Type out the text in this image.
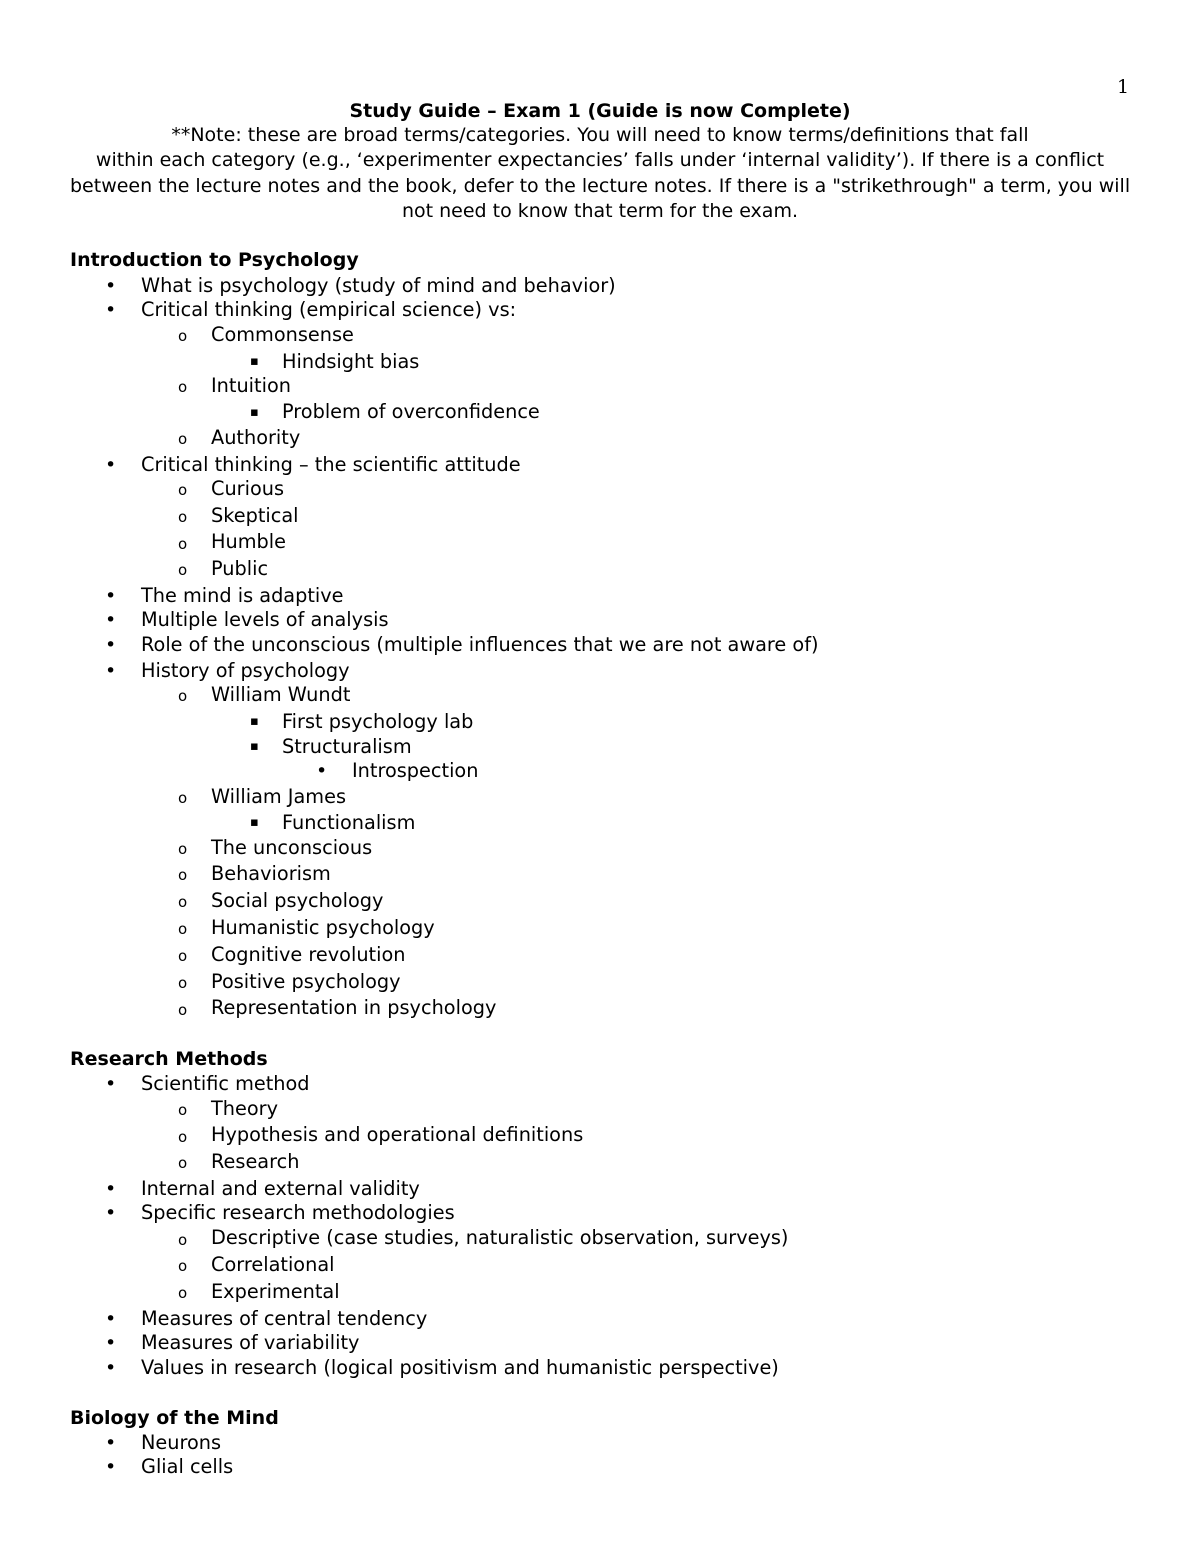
1
Study Guide – Exam 1 (Guide is now Complete)
**Note: these are broad terms/categories. You will need to know terms/definitions that fall
within each category (e.g., ‘experimenter expectancies’ falls under ‘internal validity’). If there is a conflict
between the lecture notes and the book, defer to the lecture notes. If there is a "strikethrough" a term, you will
not need to know that term for the exam.
Introduction to Psychology
• What is psychology (study of mind and behavior)
• Critical thinking (empirical science) vs:
o Commonsense
▪ Hindsight bias
o Intuition
▪ Problem of overconfidence
o Authority
• Critical thinking – the scientific attitude
o Curious
o Skeptical
o Humble
o Public
• The mind is adaptive
• Multiple levels of analysis
• Role of the unconscious (multiple influences that we are not aware of)
• History of psychology
o William Wundt
▪ First psychology lab
▪ Structuralism
• Introspection
o William James
▪ Functionalism
o The unconscious
o Behaviorism
o Social psychology
o Humanistic psychology
o Cognitive revolution
o Positive psychology
o Representation in psychology
Research Methods
• Scientific method
o Theory
o Hypothesis and operational definitions
o Research
• Internal and external validity
• Specific research methodologies
o Descriptive (case studies, naturalistic observation, surveys)
o Correlational
o Experimental
• Measures of central tendency
• Measures of variability
• Values in research (logical positivism and humanistic perspective)
Biology of the Mind
• Neurons
• Glial cells
